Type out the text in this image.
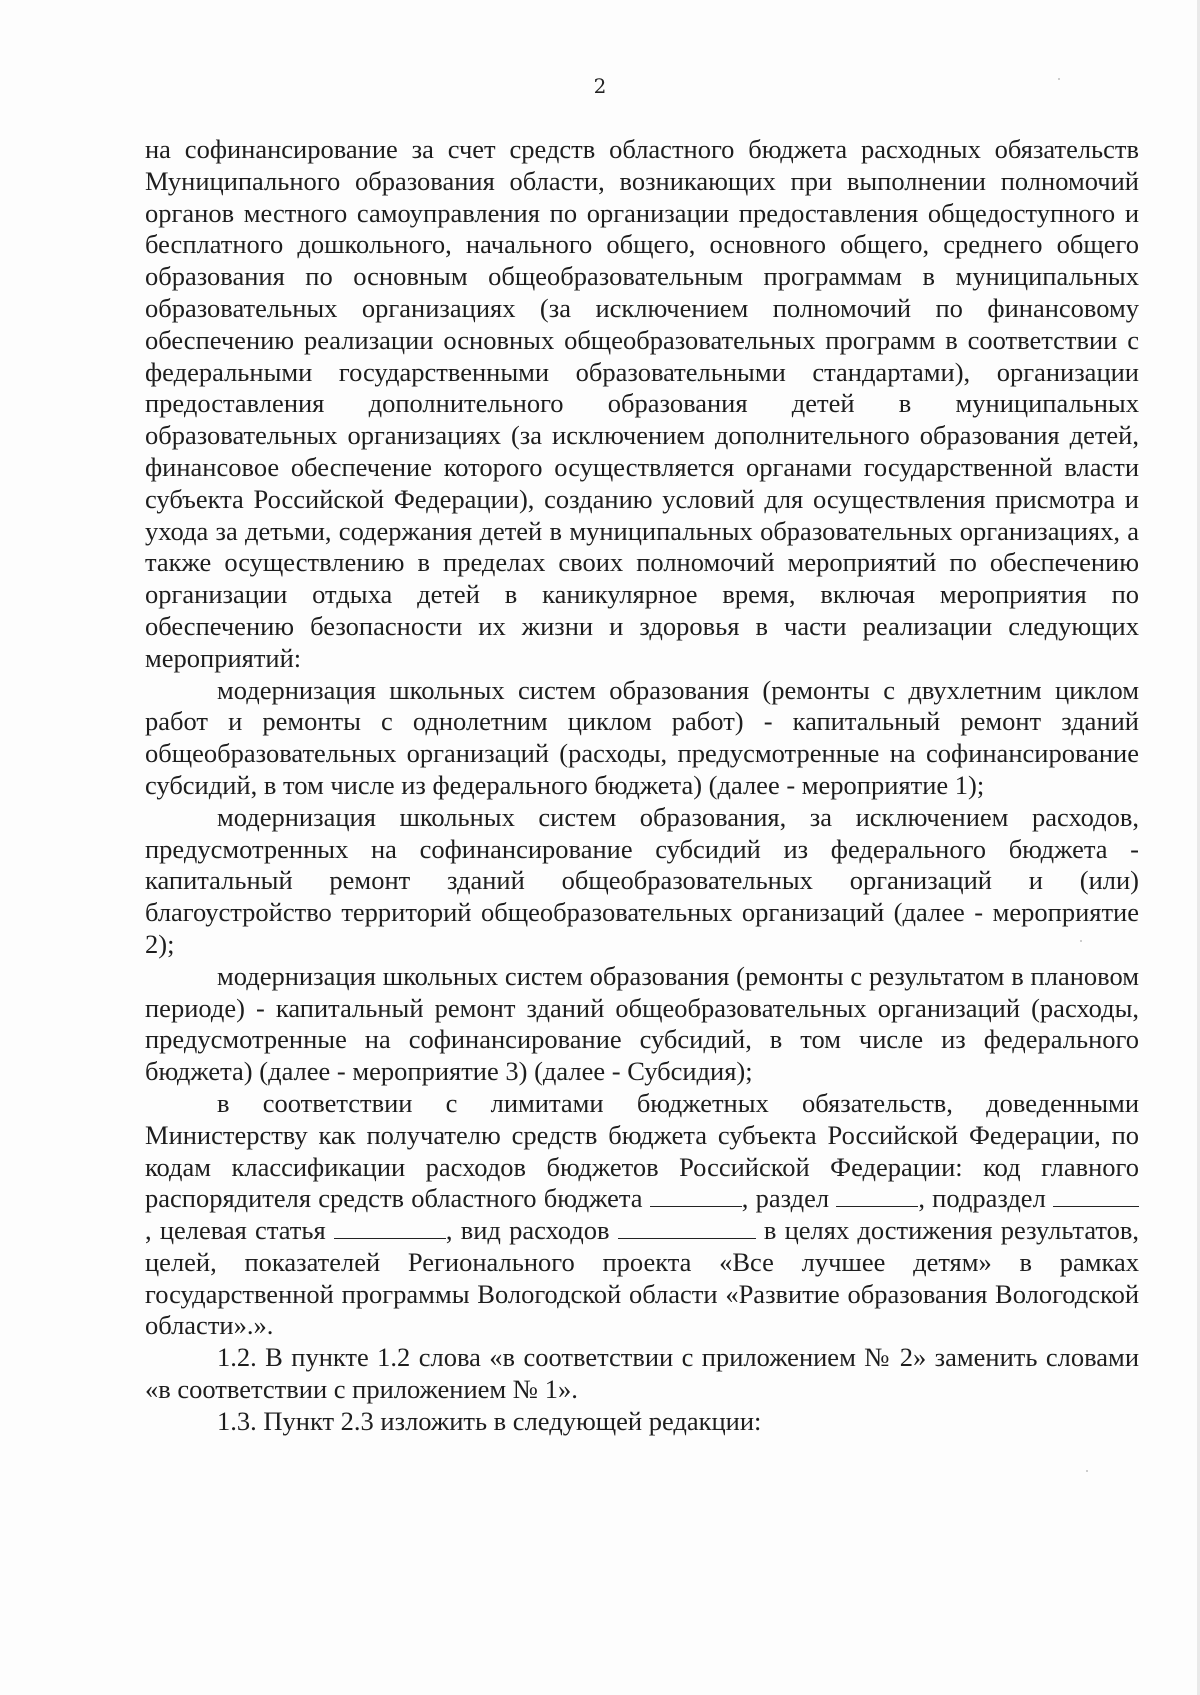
2

на софинансирование за счет средств областного бюджета расходных обязательств Муниципального образования области, возникающих при выполнении полномочий органов местного самоуправления по организации предоставления общедоступного и бесплатного дошкольного, начального общего, основного общего, среднего общего образования по основным общеобразовательным программам в муниципальных образовательных организациях (за исключением полномочий по финансовому обеспечению реализации основных общеобразовательных программ в соответствии с федеральными государственными образовательными стандартами), организации предоставления дополнительного образования детей в муниципальных образовательных организациях (за исключением дополнительного образования детей, финансовое обеспечение которого осуществляется органами государственной власти субъекта Российской Федерации), созданию условий для осуществления присмотра и ухода за детьми, содержания детей в муниципальных образовательных организациях, а также осуществлению в пределах своих полномочий мероприятий по обеспечению организации отдыха детей в каникулярное время, включая мероприятия по обеспечению безопасности их жизни и здоровья в части реализации следующих мероприятий:

модернизация школьных систем образования (ремонты с двухлетним циклом работ и ремонты с однолетним циклом работ) - капитальный ремонт зданий общеобразовательных организаций (расходы, предусмотренные на софинансирование субсидий, в том числе из федерального бюджета) (далее - мероприятие 1);

модернизация школьных систем образования, за исключением расходов, предусмотренных на софинансирование субсидий из федерального бюджета - капитальный ремонт зданий общеобразовательных организаций и (или) благоустройство территорий общеобразовательных организаций (далее - мероприятие 2);

модернизация школьных систем образования (ремонты с результатом в плановом периоде) - капитальный ремонт зданий общеобразовательных организаций (расходы, предусмотренные на софинансирование субсидий, в том числе из федерального бюджета) (далее - мероприятие 3) (далее - Субсидия);

в соответствии с лимитами бюджетных обязательств, доведенными Министерству как получателю средств бюджета субъекта Российской Федерации, по кодам классификации расходов бюджетов Российской Федерации: код главного распорядителя средств областного бюджета	, раздел	, подраздел , целевая статья	, вид расходов	в целях достижения результатов, целей, показателей Регионального проекта «Все лучшее детям» в рамках государственной программы Вологодской области «Развитие образования Вологодской области».».

1.2. В пункте 1.2 слова «в соответствии с приложением № 2» заменить словами «в соответствии с приложением № 1».

1.3. Пункт 2.3 изложить в следующей редакции:
